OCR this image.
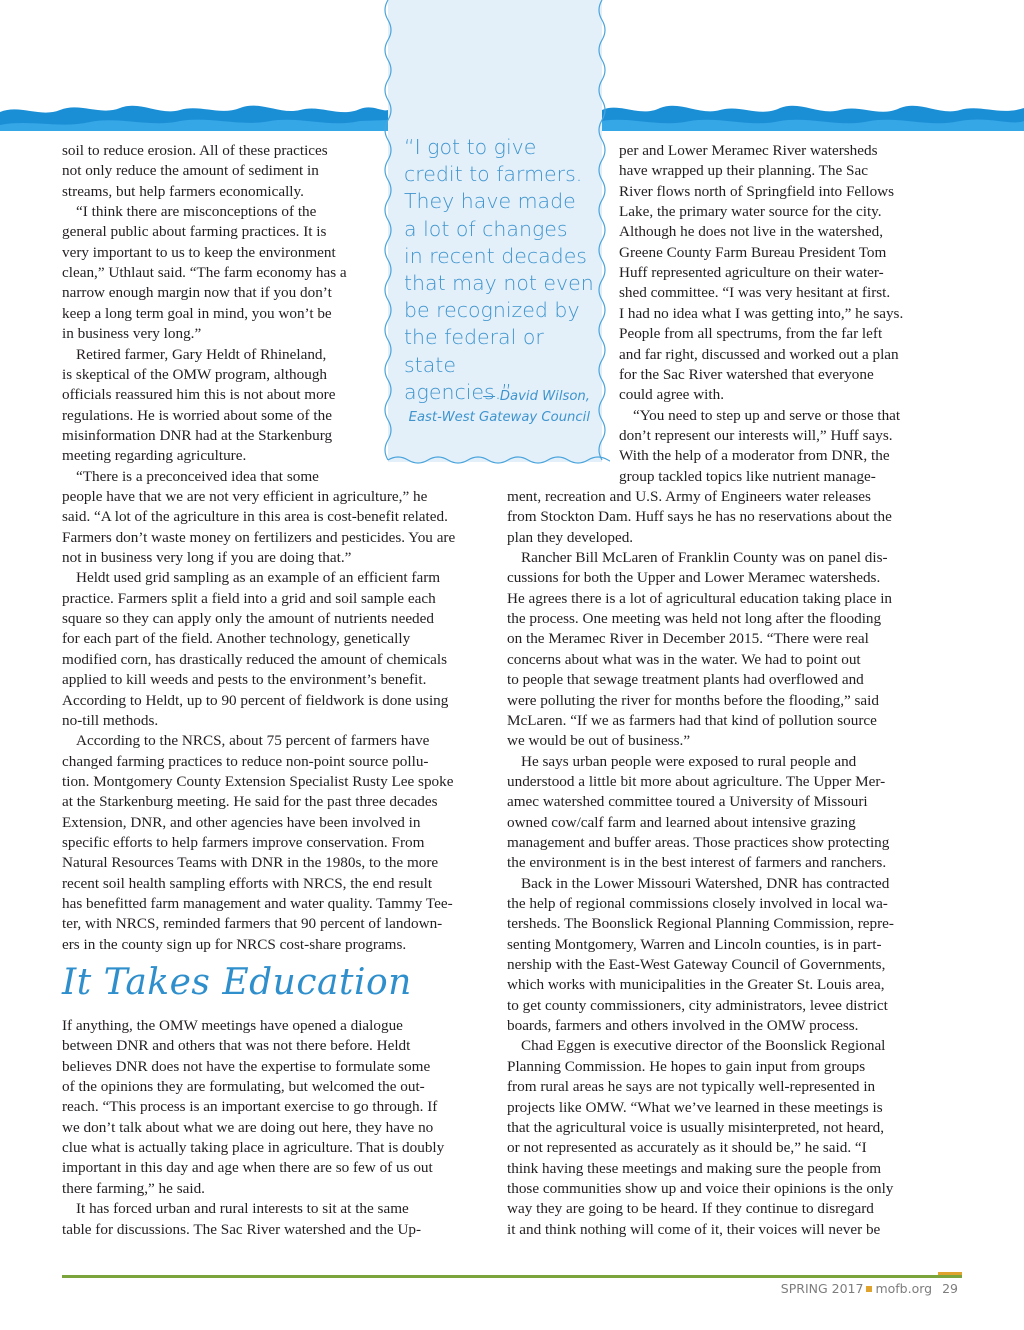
“I got to give
credit to farmers.
They have made
a lot of changes
in recent decades
that may not even
be recognized by
the federal or state
agencies.”
— David Wilson,
East-West Gateway Council
soil to reduce erosion. All of these practices
not only reduce the amount of sediment in
streams, but help farmers economically.
“I think there are misconceptions of the
general public about farming practices. It is
very important to us to keep the environment
clean,” Uthlaut said. “The farm economy has a
narrow enough margin now that if you don’t
keep a long term goal in mind, you won’t be
in business very long.”
Retired farmer, Gary Heldt of Rhineland,
is skeptical of the OMW program, although
officials reassured him this is not about more
regulations. He is worried about some of the
misinformation DNR had at the Starkenburg
meeting regarding agriculture.
“There is a preconceived idea that some
people have that we are not very efficient in agriculture,” he
said. “A lot of the agriculture in this area is cost-benefit related.
Farmers don’t waste money on fertilizers and pesticides. You are
not in business very long if you are doing that.”
Heldt used grid sampling as an example of an efficient farm
practice. Farmers split a field into a grid and soil sample each
square so they can apply only the amount of nutrients needed
for each part of the field. Another technology, genetically
modified corn, has drastically reduced the amount of chemicals
applied to kill weeds and pests to the environment’s benefit.
According to Heldt, up to 90 percent of fieldwork is done using
no-till methods.
According to the NRCS, about 75 percent of farmers have
changed farming practices to reduce non-point source pollu-
tion. Montgomery County Extension Specialist Rusty Lee spoke
at the Starkenburg meeting. He said for the past three decades
Extension, DNR, and other agencies have been involved in
specific efforts to help farmers improve conservation. From
Natural Resources Teams with DNR in the 1980s, to the more
recent soil health sampling efforts with NRCS, the end result
has benefitted farm management and water quality. Tammy Tee-
ter, with NRCS, reminded farmers that 90 percent of landown-
ers in the county sign up for NRCS cost-share programs.
If anything, the OMW meetings have opened a dialogue
between DNR and others that was not there before. Heldt
believes DNR does not have the expertise to formulate some
of the opinions they are formulating, but welcomed the out-
reach. “This process is an important exercise to go through. If
we don’t talk about what we are doing out here, they have no
clue what is actually taking place in agriculture. That is doubly
important in this day and age when there are so few of us out
there farming,” he said.
It has forced urban and rural interests to sit at the same
table for discussions. The Sac River watershed and the Up-
per and Lower Meramec River watersheds
have wrapped up their planning. The Sac
River flows north of Springfield into Fellows
Lake, the primary water source for the city.
Although he does not live in the watershed,
Greene County Farm Bureau President Tom
Huff represented agriculture on their water-
shed committee. “I was very hesitant at first.
I had no idea what I was getting into,” he says.
People from all spectrums, from the far left
and far right, discussed and worked out a plan
for the Sac River watershed that everyone
could agree with.
“You need to step up and serve or those that
don’t represent our interests will,” Huff says.
With the help of a moderator from DNR, the
group tackled topics like nutrient manage-
ment, recreation and U.S. Army of Engineers water releases
from Stockton Dam. Huff says he has no reservations about the
plan they developed.
Rancher Bill McLaren of Franklin County was on panel dis-
cussions for both the Upper and Lower Meramec watersheds.
He agrees there is a lot of agricultural education taking place in
the process. One meeting was held not long after the flooding
on the Meramec River in December 2015. “There were real
concerns about what was in the water. We had to point out
to people that sewage treatment plants had overflowed and
were polluting the river for months before the flooding,” said
McLaren. “If we as farmers had that kind of pollution source
we would be out of business.”
He says urban people were exposed to rural people and
understood a little bit more about agriculture. The Upper Mer-
amec watershed committee toured a University of Missouri
owned cow/calf farm and learned about intensive grazing
management and buffer areas. Those practices show protecting
the environment is in the best interest of farmers and ranchers.
Back in the Lower Missouri Watershed, DNR has contracted
the help of regional commissions closely involved in local wa-
tersheds. The Boonslick Regional Planning Commission, repre-
senting Montgomery, Warren and Lincoln counties, is in part-
nership with the East-West Gateway Council of Governments,
which works with municipalities in the Greater St. Louis area,
to get county commissioners, city administrators, levee district
boards, farmers and others involved in the OMW process.
Chad Eggen is executive director of the Boonslick Regional
Planning Commission. He hopes to gain input from groups
from rural areas he says are not typically well-represented in
projects like OMW. “What we’ve learned in these meetings is
that the agricultural voice is usually misinterpreted, not heard,
or not represented as accurately as it should be,” he said. “I
think having these meetings and making sure the people from
those communities show up and voice their opinions is the only
way they are going to be heard. If they continue to disregard
it and think nothing will come of it, their voices will never be
It Takes Education
SPRING 2017 mofb.org 29
